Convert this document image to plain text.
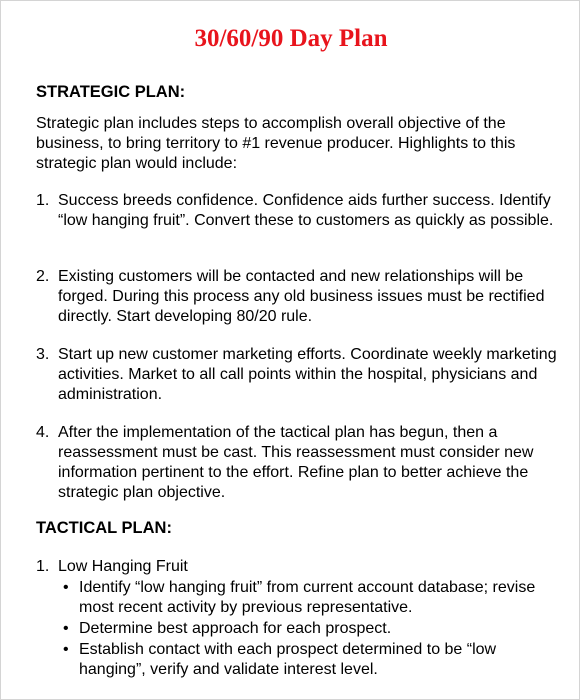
30/60/90 Day Plan
STRATEGIC PLAN:
Strategic plan includes steps to accomplish overall objective of the business, to bring territory to #1 revenue producer. Highlights to this strategic plan would include:
1. Success breeds confidence. Confidence aids further success. Identify “low hanging fruit”. Convert these to customers as quickly as possible.
2. Existing customers will be contacted and new relationships will be forged. During this process any old business issues must be rectified directly. Start developing 80/20 rule.
3. Start up new customer marketing efforts. Coordinate weekly marketing activities. Market to all call points within the hospital, physicians and administration.
4. After the implementation of the tactical plan has begun, then a reassessment must be cast. This reassessment must consider new information pertinent to the effort. Refine plan to better achieve the strategic plan objective.
TACTICAL PLAN:
1. Low Hanging Fruit
• Identify “low hanging fruit” from current account database; revise most recent activity by previous representative.
• Determine best approach for each prospect.
• Establish contact with each prospect determined to be “low hanging”, verify and validate interest level.
